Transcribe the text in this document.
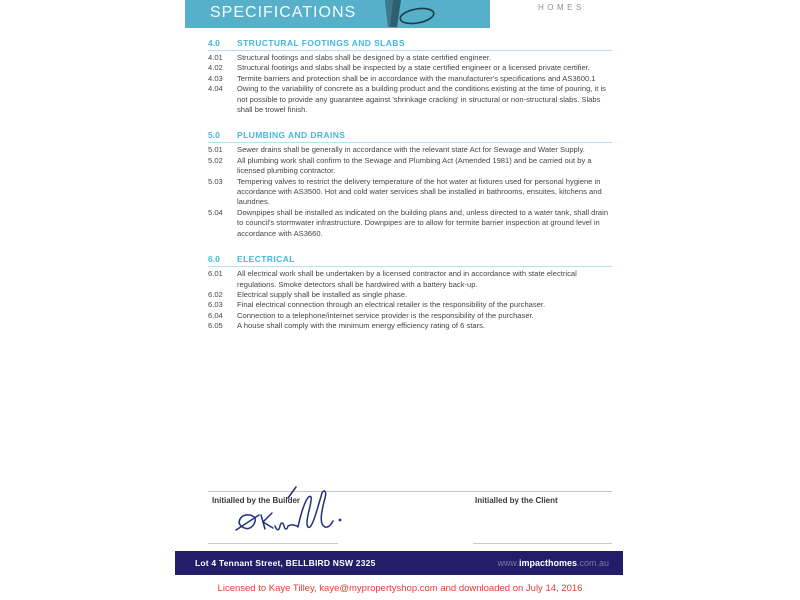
SPECIFICATIONS	HOMES
4.0	STRUCTURAL FOOTINGS AND SLABS
4.01	Structural footings and slabs shall be designed by a state certified engineer.
4.02	Structural footings and slabs shall be inspected by a state certified engineer or a licensed private certifier.
4.03	Termite barriers and protection shall be in accordance with the manufacturer's specifications and AS3600.1
4.04	Owing to the variability of concrete as a building product and the conditions existing at the time of pouring, it is not possible to provide any guarantee against 'shrinkage cracking' in structural or non-structural slabs. Slabs shall be trowel finish.
5.0	PLUMBING AND DRAINS
5.01	Sewer drains shall be generally in accordance with the relevant state Act for Sewage and Water Supply.
5.02	All plumbing work shall confirm to the Sewage and Plumbing Act (Amended 1981) and be carried out by a licensed plumbing contractor.
5.03	Tempering valves to restrict the delivery temperature of the hot water at fixtures used for personal hygiene in accordance with AS3500. Hot and cold water services shall be installed in bathrooms, ensuites, kitchens and laundries.
5.04	Downpipes shall be installed as indicated on the building plans and, unless directed to a water tank, shall drain to council's stormwater infrastructure. Downpipes are to allow for termite barrier inspection at ground level in accordance with AS3660.
6.0	ELECTRICAL
6.01	All electrical work shall be undertaken by a licensed contractor and in accordance with state electrical regulations. Smoke detectors shall be hardwired with a battery back-up.
6.02	Electrical supply shall be installed as single phase.
6.03	Final electrical connection through an electrical retailer is the responsibility of the purchaser.
6.04	Connection to a telephone/internet service provider is the responsibility of the purchaser.
6.05	A house shall comply with the minimum energy efficiency rating of 6 stars.
Initialled by the Builder	Initialled by the Client
Lot 4 Tennant Street, BELLBIRD NSW 2325	www.impacthomes.com.au
Licensed to Kaye Tilley, kaye@mypropertyshop.com and downloaded on July 14, 2016
